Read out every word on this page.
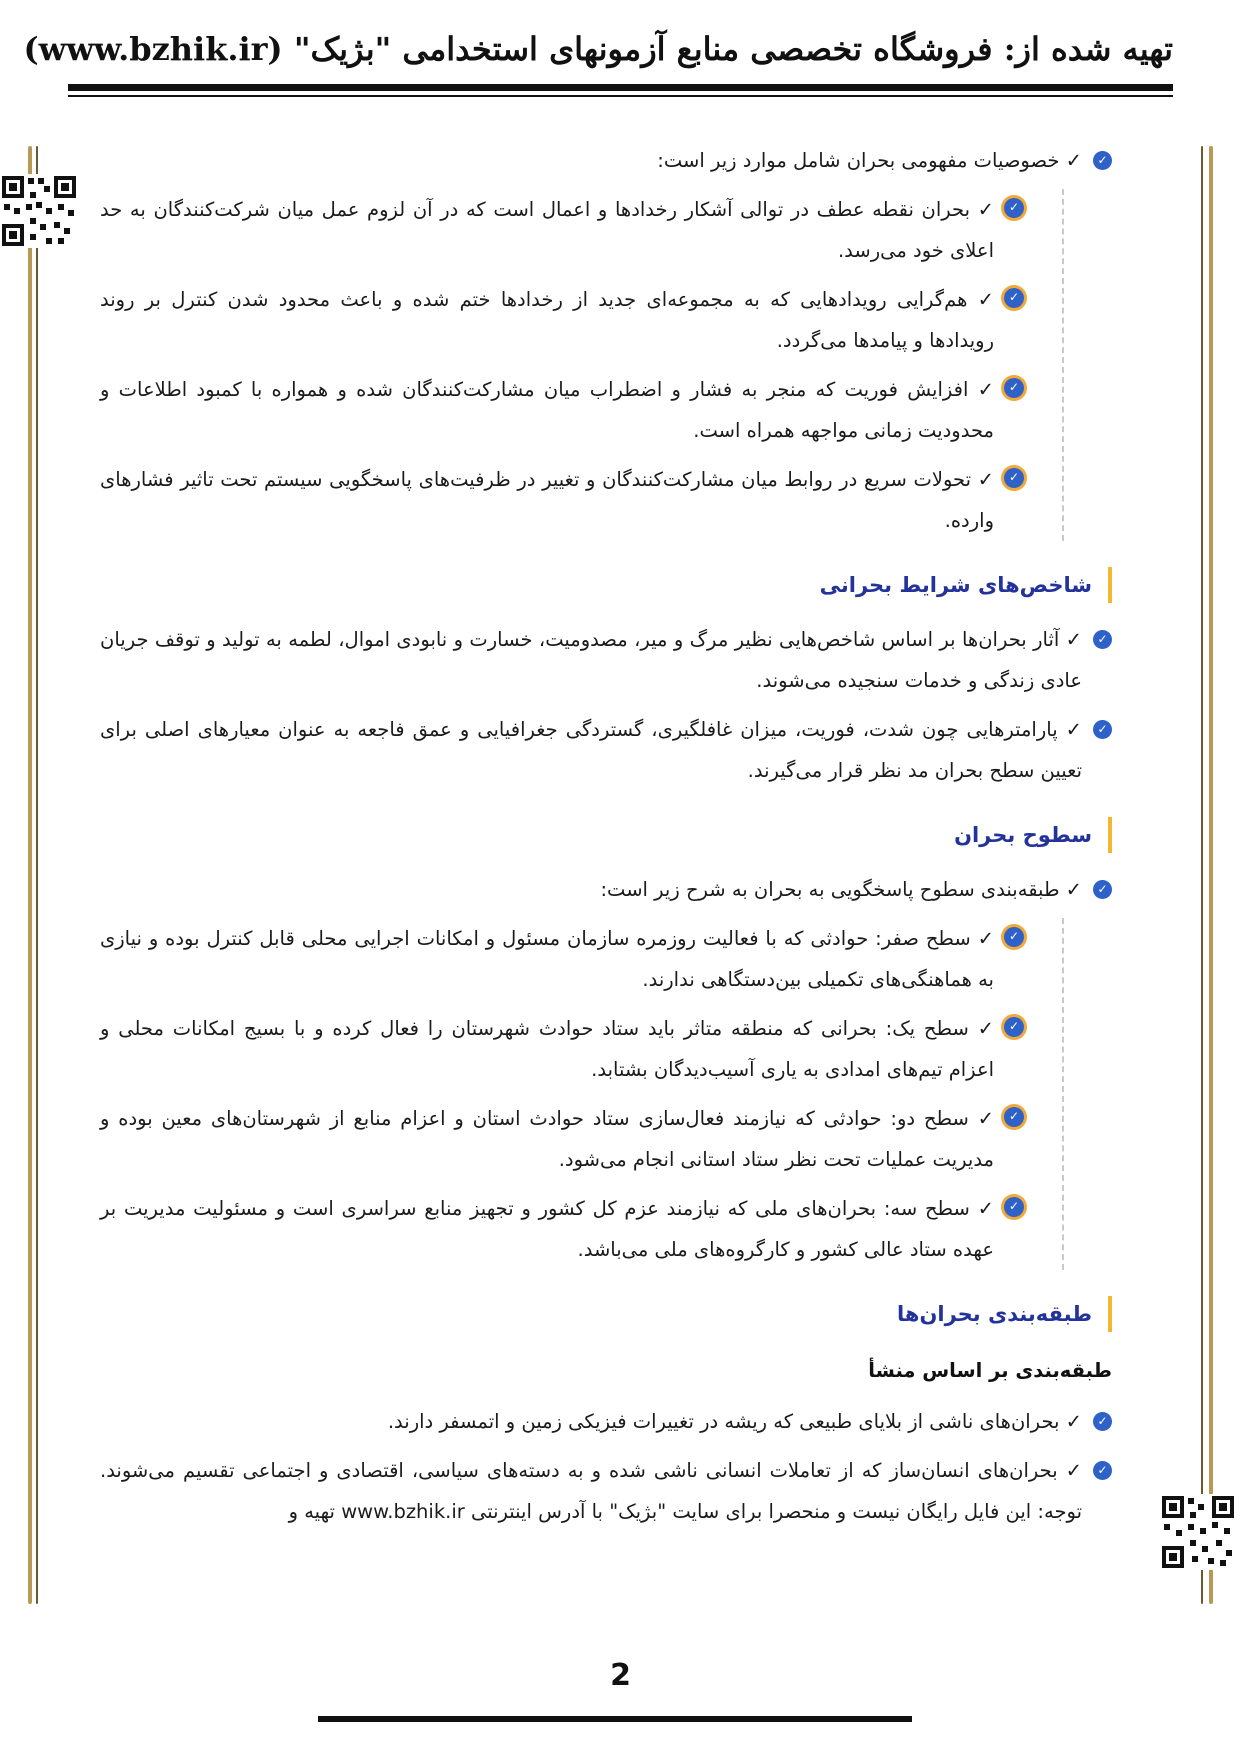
تهیه شده از: فروشگاه تخصصی منابع آزمونهای استخدامی "بژیک" (www.bzhik.ir)

✓
✓ خصوصیات مفهومی بحران شامل موارد زیر است:

✓
✓ بحران نقطه عطف در توالی آشکار رخدادها و اعمال است که در آن لزوم عمل میان شرکت‌کنندگان به حد اعلای خود می‌رسد.

✓
✓ هم‌گرایی رویدادهایی که به مجموعه‌ای جدید از رخدادها ختم شده و باعث محدود شدن کنترل بر روند رویدادها و پیامدها می‌گردد.

✓
✓ افزایش فوریت که منجر به فشار و اضطراب میان مشارکت‌کنندگان شده و همواره با کمبود اطلاعات و محدودیت زمانی مواجهه همراه است.

✓
✓ تحولات سریع در روابط میان مشارکت‌کنندگان و تغییر در ظرفیت‌های پاسخگویی سیستم تحت تاثیر فشارهای وارده.

شاخص‌های شرایط بحرانی

✓
✓ آثار بحران‌ها بر اساس شاخص‌هایی نظیر مرگ و میر، مصدومیت، خسارت و نابودی اموال، لطمه به تولید و توقف جریان عادی زندگی و خدمات سنجیده می‌شوند.

✓
✓ پارامترهایی چون شدت، فوریت، میزان غافلگیری، گستردگی جغرافیایی و عمق فاجعه به عنوان معیارهای اصلی برای تعیین سطح بحران مد نظر قرار می‌گیرند.

سطوح بحران

✓
✓ طبقه‌بندی سطوح پاسخگویی به بحران به شرح زیر است:

✓
✓ سطح صفر: حوادثی که با فعالیت روزمره سازمان مسئول و امکانات اجرایی محلی قابل کنترل بوده و نیازی به هماهنگی‌های تکمیلی بین‌دستگاهی ندارند.

✓
✓ سطح یک: بحرانی که منطقه متاثر باید ستاد حوادث شهرستان را فعال کرده و با بسیج امکانات محلی و اعزام تیم‌های امدادی به یاری آسیب‌دیدگان بشتابد.

✓
✓ سطح دو: حوادثی که نیازمند فعال‌سازی ستاد حوادث استان و اعزام منابع از شهرستان‌های معین بوده و مدیریت عملیات تحت نظر ستاد استانی انجام می‌شود.

✓
✓ سطح سه: بحران‌های ملی که نیازمند عزم کل کشور و تجهیز منابع سراسری است و مسئولیت مدیریت بر عهده ستاد عالی کشور و کارگروه‌های ملی می‌باشد.

طبقه‌بندی بحران‌ها
طبقه‌بندی بر اساس منشأ

✓
✓ بحران‌های ناشی از بلایای طبیعی که ریشه در تغییرات فیزیکی زمین و اتمسفر دارند.

✓
✓ بحران‌های انسان‌ساز که از تعاملات انسانی ناشی شده و به دسته‌های سیاسی، اقتصادی و اجتماعی تقسیم می‌شوند. توجه: این فایل رایگان نیست و منحصرا برای سایت "بژیک" با آدرس اینترنتی www.bzhik.ir تهیه و

2
